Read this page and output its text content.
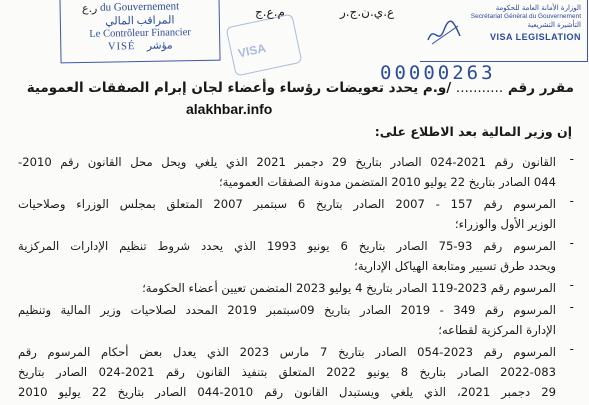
du Gouvernement
المراقب المالي
Le Contrôleur Financier
VISÉ مؤشر
ر.ع
VISA
م.ع.ج	ع.ي.ن.ج.ر	الوزارة الأمانة العامة للحكومة
Secrétariat Général du Gouvernement
التأشيرة التشريعية
VISA LEGISLATION
00000263
مقرر رقم ........... /و.م يحدد تعويضات رؤساء وأعضاء لجان إبرام الصفقات العمومية
alakhbar.info
إن وزير المالية بعد الاطلاع على:
-
القانون رقم 2021-024 الصادر بتاريخ 29 دجمبر 2021 الذي يلغي ويحل محل القانون رقم 2010-
044 الصادر بتاريخ 22 يوليو 2010 المتضمن مدونة الصفقات العمومية؛
-
المرسوم رقم 157 - 2007 الصادر بتاريخ 6 سبتمبر 2007 المتعلق بمجلس الوزراء وصلاحيات
الوزير الأول والوزراء؛
-
المرسوم رقم 93-75 الصادر بتاريخ 6 يونيو 1993 الذي يحدد شروط تنظيم الإدارات المركزية
ويحدد طرق تسيير ومتابعة الهياكل الإدارية؛
-
المرسوم رقم 2023-119 الصادر بتاريخ 4 يوليو 2023 المتضمن تعيين أعضاء الحكومة؛
-
المرسوم رقم 349 - 2019 الصادر بتاريخ 09سبتمبر 2019 المحدد لصلاحيات وزير المالية وتنظيم
الإدارة المركزية لقطاعه؛
-
المرسوم رقم 2023-054 الصادر بتاريخ 7 مارس 2023 الذي يعدل بعض أحكام المرسوم رقم
2022-083 الصادر بتاريخ 8 يونيو 2022 المتعلق بتنفيذ القانون رقم 2021-024 الصادر بتاريخ
29 دجمبر 2021، الذي يلغي ويستبدل القانون رقم 2010-044 الصادر بتاريخ 22 يوليو 2010
